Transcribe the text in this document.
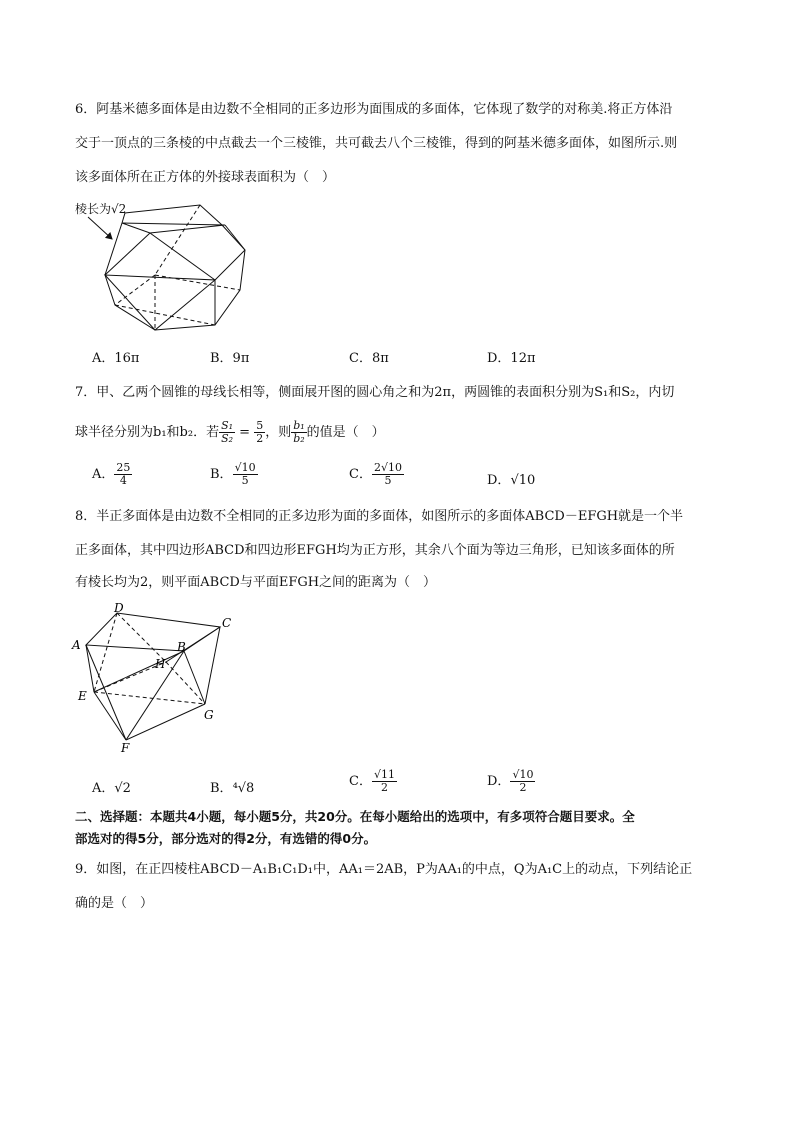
6．阿基米德多面体是由边数不全相同的正多边形为面围成的多面体，它体现了数学的对称美.将正方体沿
交于一顶点的三条棱的中点截去一个三棱锥，共可截去八个三棱锥，得到的阿基米德多面体，如图所示.则
该多面体所在正方体的外接球表面积为（　）
棱长为√2
A．16π	B．9π	C．8π	D．12π
7．甲、乙两个圆锥的母线长相等，侧面展开图的圆心角之和为2π，两圆锥的表面积分别为S₁和S₂，内切
球半径分别为b₁和b₂．若 $\frac{\text{S₁}}{\text{S₂}} = \frac{5}{2}$ ，则 $\frac{\text{b₁}}{\text{b₂}}$ 的值是（　）
A． $\frac{25}{4}$	B． $\frac{√10}{5}$	C． $\frac{2√10}{5}$	D．√10
8．半正多面体是由边数不全相同的正多边形为面的多面体，如图所示的多面体ABCD－EFGH就是一个半
正多面体，其中四边形ABCD和四边形EFGH均为正方形，其余八个面为等边三角形，已知该多面体的所
有棱长均为2，则平面ABCD与平面EFGH之间的距离为（　）
D
C
A	B
H
E
G
F
A．√2	B．⁴√8	C． $\frac{√11}{2}$	D． $\frac{√10}{2}$
二、选择题：本题共4小题，每小题5分，共20分。在每小题给出的选项中，有多项符合题目要求。全
部选对的得5分，部分选对的得2分，有选错的得0分。
9．如图，在正四棱柱ABCD－A₁B₁C₁D₁中，AA₁＝2AB，P为AA₁的中点，Q为A₁C上的动点，下列结论正
确的是（　）
